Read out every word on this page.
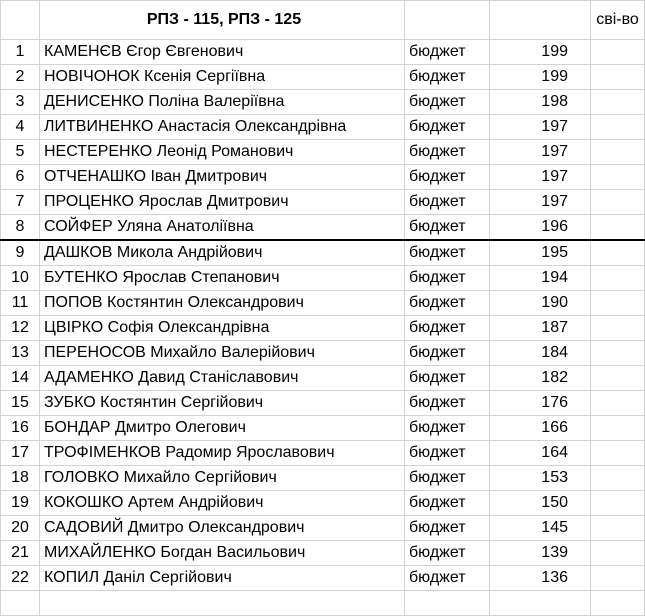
	РПЗ - 115, РПЗ - 125			сві-во
1	КАМЕНЄВ Єгор Євгенович	бюджет	199	
2	НОВІЧОНОК Ксенія Сергіївна	бюджет	199	
3	ДЕНИСЕНКО Поліна Валеріївна	бюджет	198	
4	ЛИТВИНЕНКО Анастасія Олександрівна	бюджет	197	
5	НЕСТЕРЕНКО Леонід Романович	бюджет	197	
6	ОТЧЕНАШКО Іван Дмитрович	бюджет	197	
7	ПРОЦЕНКО Ярослав Дмитрович	бюджет	197	
8	СОЙФЕР Уляна Анатоліївна	бюджет	196	
9	ДАШКОВ Микола Андрійович	бюджет	195	
10	БУТЕНКО Ярослав Степанович	бюджет	194	
11	ПОПОВ Костянтин Олександрович	бюджет	190	
12	ЦВІРКО Софія Олександрівна	бюджет	187	
13	ПЕРЕНОСОВ Михайло Валерійович	бюджет	184	
14	АДАМЕНКО Давид Станіславович	бюджет	182	
15	ЗУБКО Костянтин Сергійович	бюджет	176	
16	БОНДАР Дмитро Олегович	бюджет	166	
17	ТРОФІМЕНКОВ Радомир Ярославович	бюджет	164	
18	ГОЛОВКО Михайло Сергійович	бюджет	153	
19	КОКОШКО Артем Андрійович	бюджет	150	
20	САДОВИЙ Дмитро Олександрович	бюджет	145	
21	МИХАЙЛЕНКО Богдан Васильович	бюджет	139	
22	КОПИЛ Даніл Сергійович	бюджет	136	
